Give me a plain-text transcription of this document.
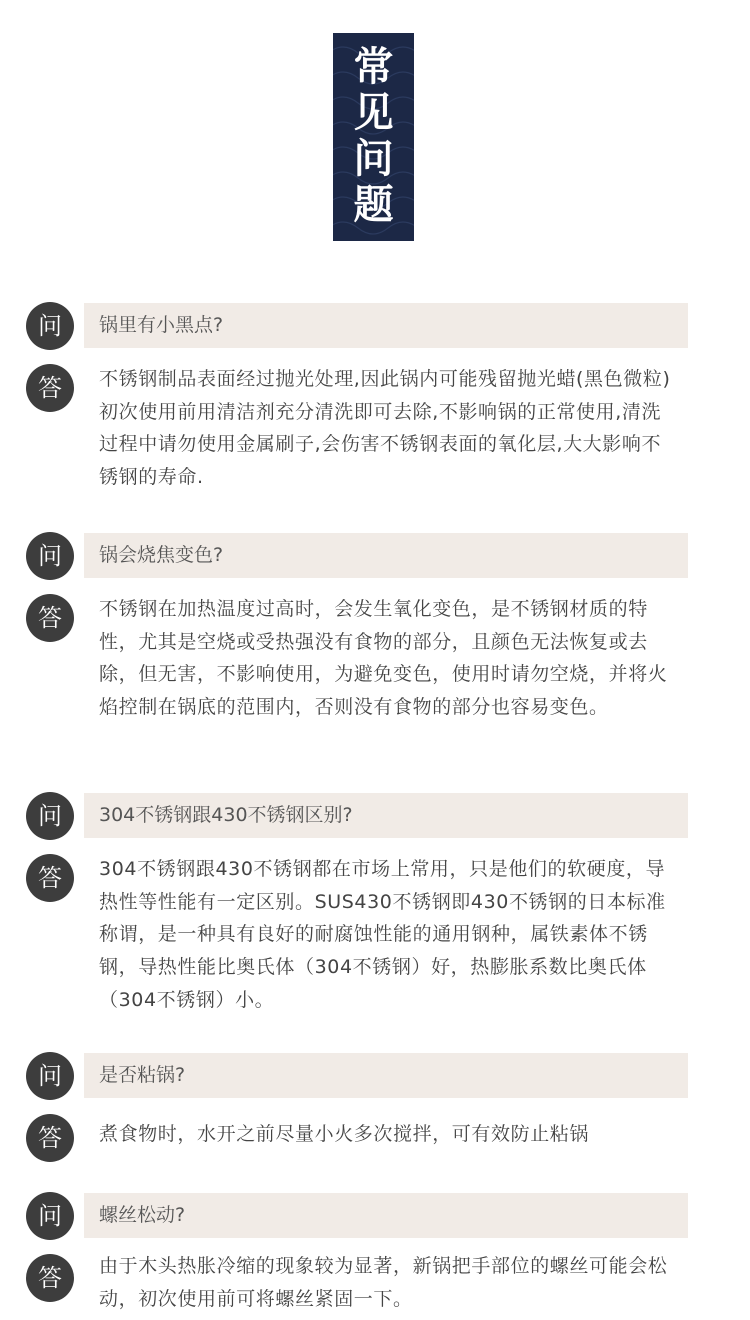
常
见
问
题
问	锅里有小黑点?
答	不锈钢制品表面经过抛光处理,因此锅内可能残留抛光蜡(黑色微粒)初次使用前用清洁剂充分清洗即可去除,不影响锅的正常使用,清洗过程中请勿使用金属刷子,会伤害不锈钢表面的氧化层,大大影响不锈钢的寿命.

问	锅会烧焦变色?
答	不锈钢在加热温度过高时，会发生氧化变色，是不锈钢材质的特性，尤其是空烧或受热强没有食物的部分，且颜色无法恢复或去除，但无害，不影响使用，为避免变色，使用时请勿空烧，并将火焰控制在锅底的范围内，否则没有食物的部分也容易变色。

问	304不锈钢跟430不锈钢区别?
答	304不锈钢跟430不锈钢都在市场上常用，只是他们的软硬度，导热性等性能有一定区别。SUS430不锈钢即430不锈钢的日本标准称谓，是一种具有良好的耐腐蚀性能的通用钢种，属铁素体不锈钢，导热性能比奥氏体（304不锈钢）好，热膨胀系数比奥氏体（304不锈钢）小。

问	是否粘锅?
答	煮食物时，水开之前尽量小火多次搅拌，可有效防止粘锅

问	螺丝松动?
答	由于木头热胀冷缩的现象较为显著，新锅把手部位的螺丝可能会松动，初次使用前可将螺丝紧固一下。
